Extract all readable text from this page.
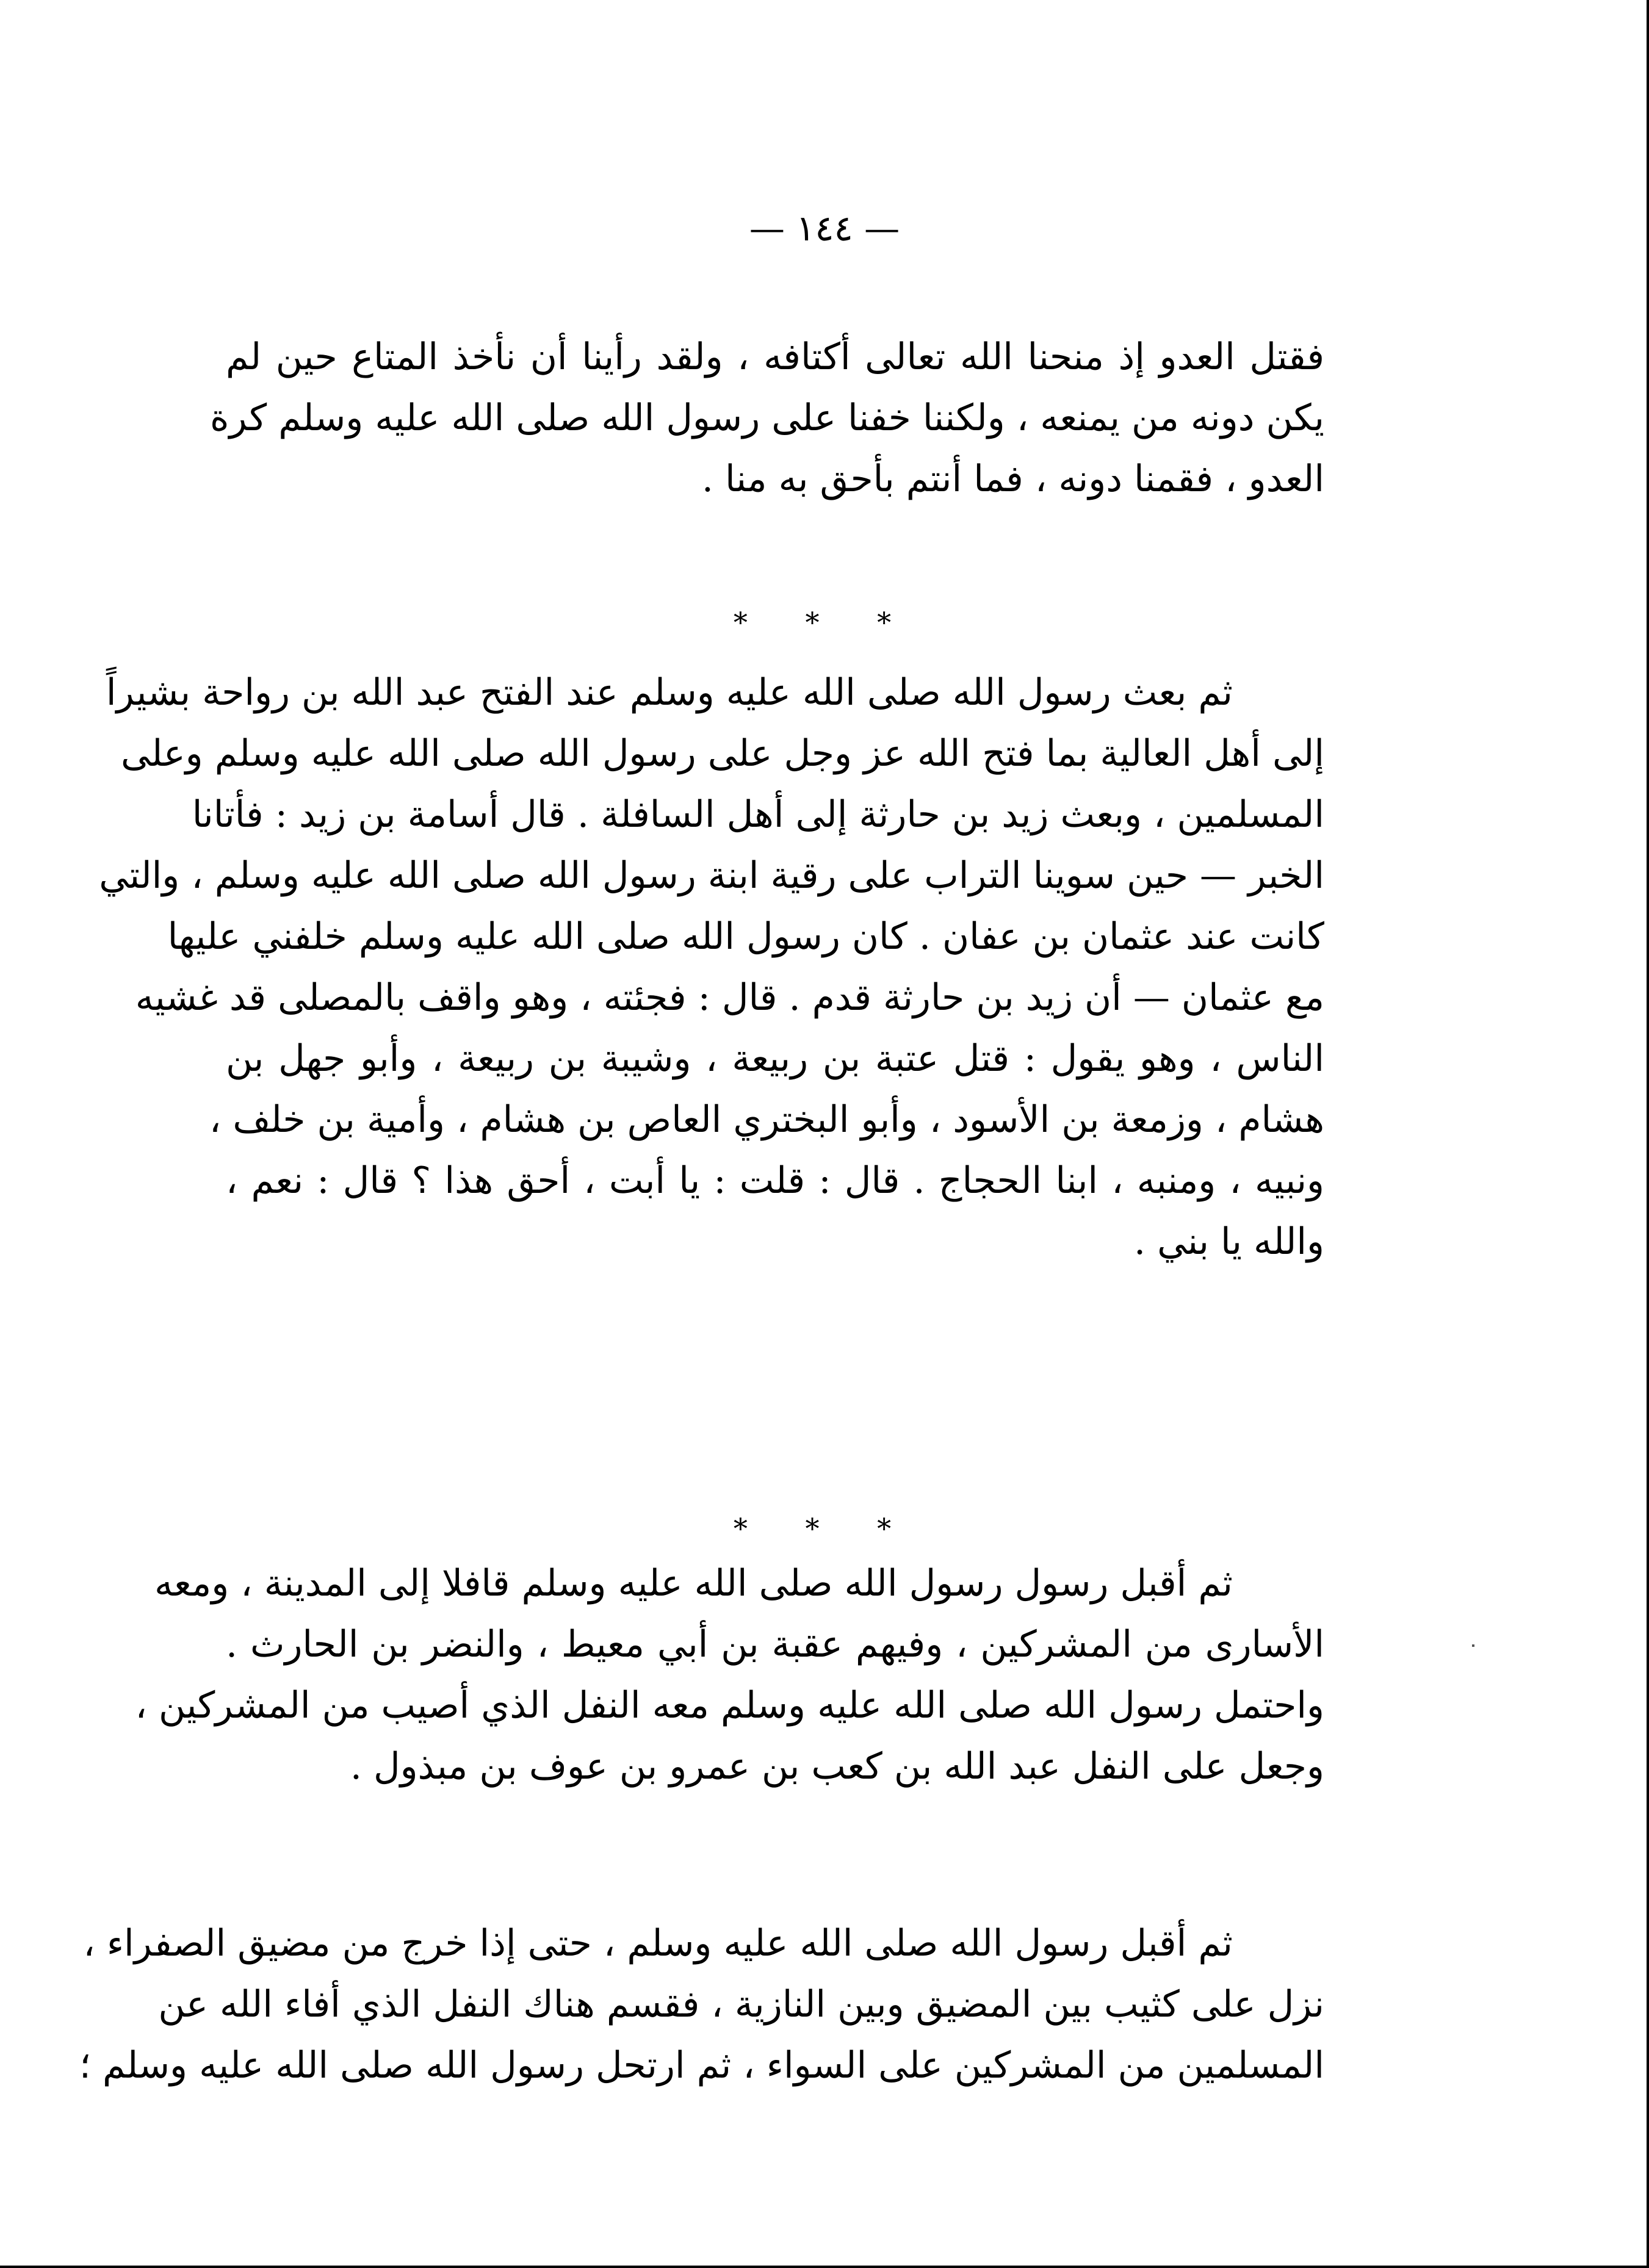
— ١٤٤ —
فقتل العدو إذ منحنا الله تعالى أكتافه ، ولقد رأينا أن نأخذ المتاع حين لم
يكن دونه من يمنعه ، ولكننا خفنا على رسول الله صلى الله عليه وسلم كرة
العدو ، فقمنا دونه ، فما أنتم بأحق به منا .
* * *
ثم بعث رسول الله صلى الله عليه وسلم عند الفتح عبد الله بن رواحة بشيراً
إلى أهل العالية بما فتح الله عز وجل على رسول الله صلى الله عليه وسلم وعلى
المسلمين ، وبعث زيد بن حارثة إلى أهل السافلة . قال أسامة بن زيد : فأتانا
الخبر — حين سوينا التراب على رقية ابنة رسول الله صلى الله عليه وسلم ، والتي
كانت عند عثمان بن عفان . كان رسول الله صلى الله عليه وسلم خلفني عليها
مع عثمان — أن زيد بن حارثة قدم . قال : فجئته ، وهو واقف بالمصلى قد غشيه
الناس ، وهو يقول : قتل عتبة بن ربيعة ، وشيبة بن ربيعة ، وأبو جهل بن
هشام ، وزمعة بن الأسود ، وأبو البختري العاص بن هشام ، وأمية بن خلف ،
ونبيه ، ومنبه ، ابنا الحجاج . قال : قلت : يا أبت ، أحق هذا ؟ قال : نعم ،
والله يا بني .
* * *
ثم أقبل رسول رسول الله صلى الله عليه وسلم قافلا إلى المدينة ، ومعه
الأسارى من المشركين ، وفيهم عقبة بن أبي معيط ، والنضر بن الحارث .
واحتمل رسول الله صلى الله عليه وسلم معه النفل الذي أصيب من المشركين ،
وجعل على النفل عبد الله بن كعب بن عمرو بن عوف بن مبذول .
ثم أقبل رسول الله صلى الله عليه وسلم ، حتى إذا خرج من مضيق الصفراء ،
نزل على كثيب بين المضيق وبين النازية ، فقسم هناك النفل الذي أفاء الله عن
المسلمين من المشركين على السواء ، ثم ارتحل رسول الله صلى الله عليه وسلم ؛
